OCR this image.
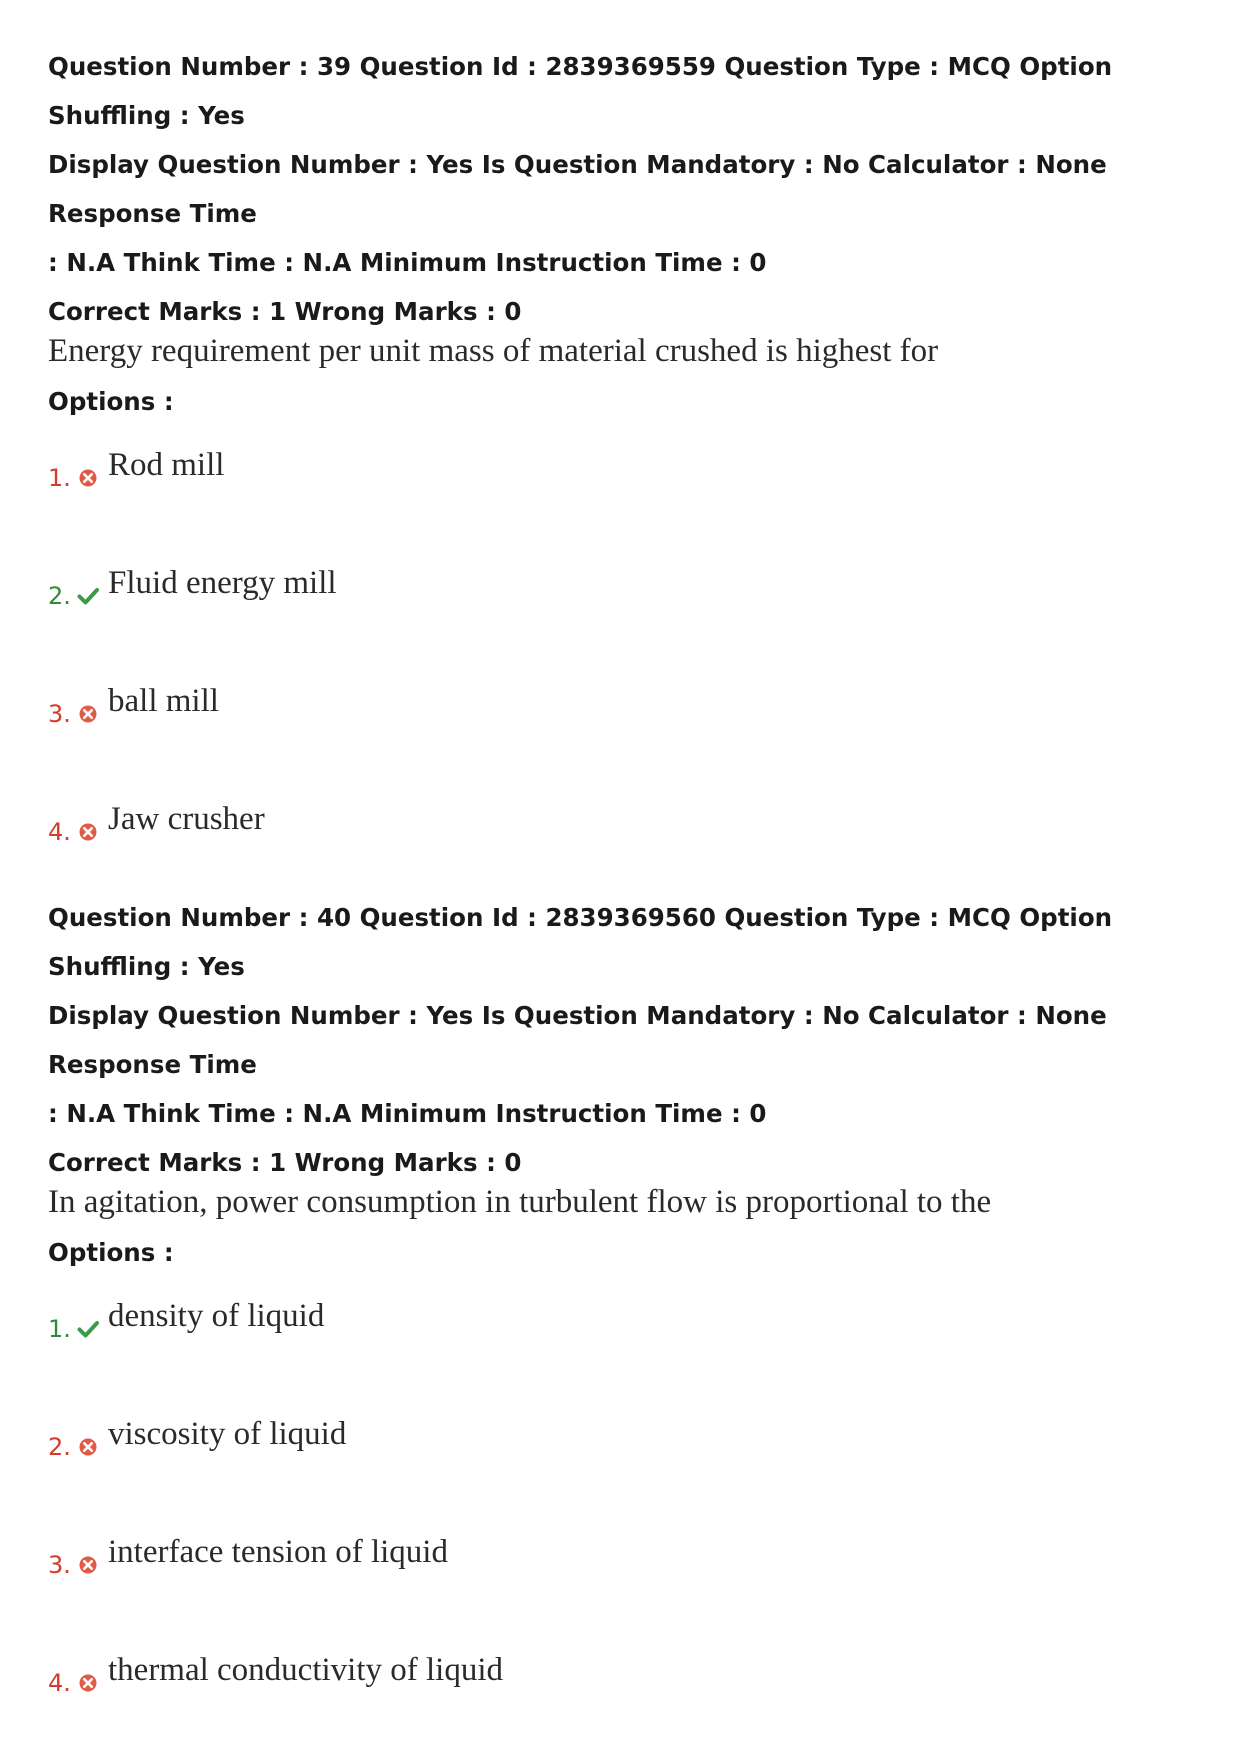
Question Number : 39 Question Id : 2839369559 Question Type : MCQ Option Shuffling : Yes
Display Question Number : Yes Is Question Mandatory : No Calculator : None Response Time
: N.A Think Time : N.A Minimum Instruction Time : 0
Correct Marks : 1 Wrong Marks : 0
Energy requirement per unit mass of material crushed is highest for
Options :
1. Rod mill
2. Fluid energy mill
3. ball mill
4. Jaw crusher
Question Number : 40 Question Id : 2839369560 Question Type : MCQ Option Shuffling : Yes
Display Question Number : Yes Is Question Mandatory : No Calculator : None Response Time
: N.A Think Time : N.A Minimum Instruction Time : 0
Correct Marks : 1 Wrong Marks : 0
In agitation, power consumption in turbulent flow is proportional to the
Options :
1. density of liquid
2. viscosity of liquid
3. interface tension of liquid
4. thermal conductivity of liquid
